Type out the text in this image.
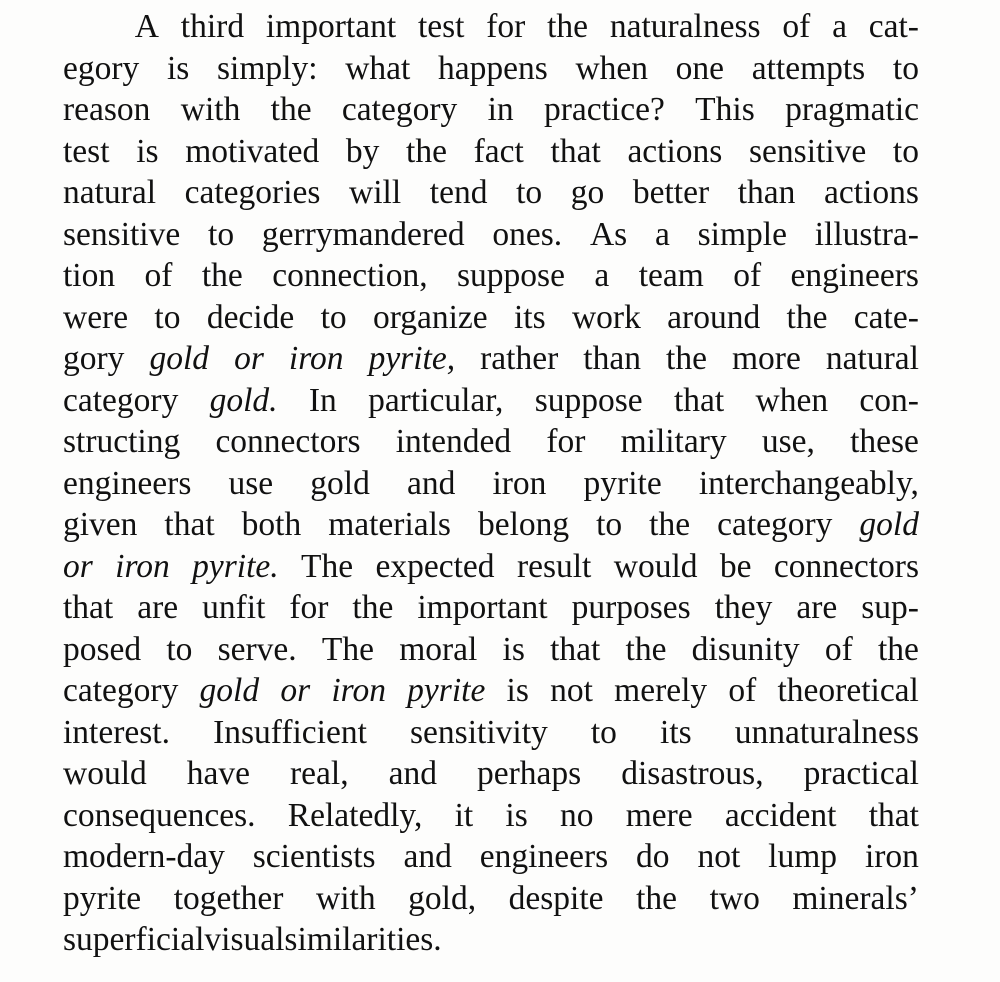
A third important test for the naturalness of a cat-
egory is simply: what happens when one attempts to
reason with the category in practice? This pragmatic
test is motivated by the fact that actions sensitive to
natural categories will tend to go better than actions
sensitive to gerrymandered ones. As a simple illustra-
tion of the connection, suppose a team of engineers
were to decide to organize its work around the cate-
gory gold or iron pyrite, rather than the more natural
category gold. In particular, suppose that when con-
structing connectors intended for military use, these
engineers use gold and iron pyrite interchangeably,
given that both materials belong to the category gold
or iron pyrite. The expected result would be connectors
that are unfit for the important purposes they are sup-
posed to serve. The moral is that the disunity of the
category gold or iron pyrite is not merely of theoretical
interest. Insufficient sensitivity to its unnaturalness
would have real, and perhaps disastrous, practical
consequences. Relatedly, it is no mere accident that
modern-day scientists and engineers do not lump iron
pyrite together with gold, despite the two minerals’
superficialvisualsimilarities.
